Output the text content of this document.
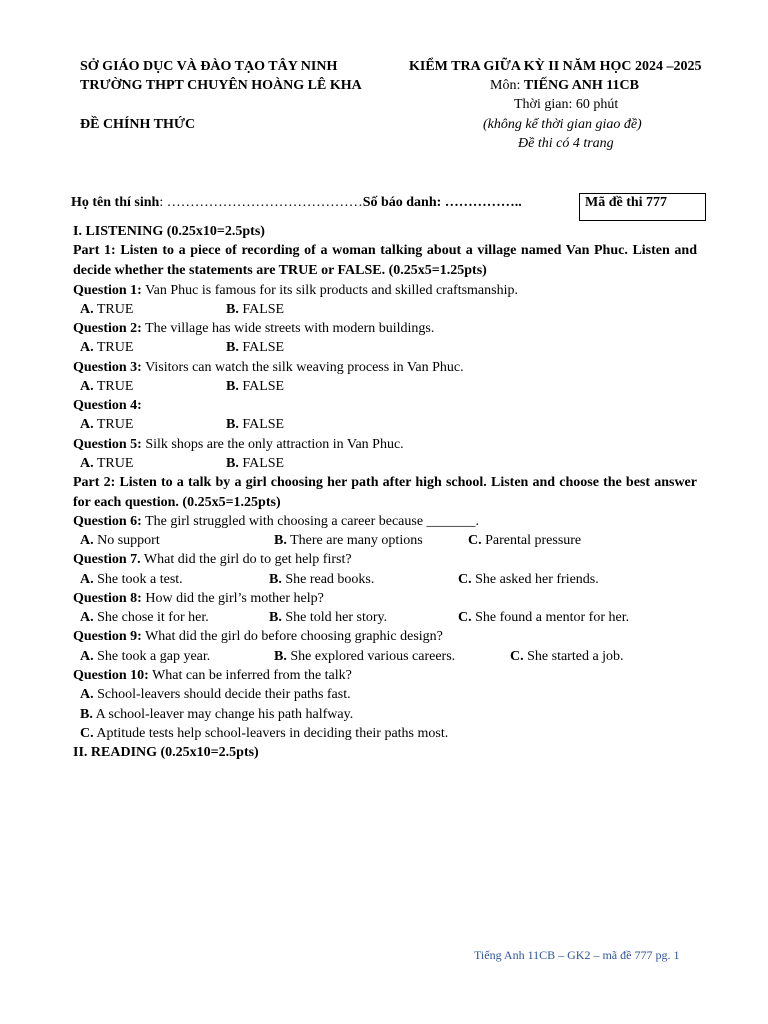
SỞ GIÁO DỤC VÀ ĐÀO TẠO TÂY NINH
TRƯỜNG THPT CHUYÊN HOÀNG LÊ KHA
ĐỀ CHÍNH THỨC
KIỂM TRA GIỮA KỲ II NĂM HỌC 2024 –2025
Môn: TIẾNG ANH 11CB
Thời gian: 60 phút
(không kể thời gian giao đề)
Đề thi có 4 trang
Họ tên thí sinh: ……………………………………Số báo danh: ……………..	Mã đề thi 777
I. LISTENING (0.25x10=2.5pts)
Part 1: Listen to a piece of recording of a woman talking about a village named Van Phuc. Listen and decide whether the statements are TRUE or FALSE. (0.25x5=1.25pts)
Question 1: Van Phuc is famous for its silk products and skilled craftsmanship.
A. TRUE	B. FALSE
Question 2: The village has wide streets with modern buildings.
A. TRUE	B. FALSE
Question 3: Visitors can watch the silk weaving process in Van Phuc.
A. TRUE	B. FALSE
Question 4:
A. TRUE	B. FALSE
Question 5: Silk shops are the only attraction in Van Phuc.
A. TRUE	B. FALSE
Part 2: Listen to a talk by a girl choosing her path after high school. Listen and choose the best answer for each question. (0.25x5=1.25pts)
Question 6: The girl struggled with choosing a career because _______.
A. No support	B. There are many options	C. Parental pressure
Question 7. What did the girl do to get help first?
A. She took a test.	B. She read books.	C. She asked her friends.
Question 8: How did the girl’s mother help?
A. She chose it for her.	B. She told her story.	C. She found a mentor for her.
Question 9: What did the girl do before choosing graphic design?
A. She took a gap year.	B. She explored various careers.	C. She started a job.
Question 10: What can be inferred from the talk?
A. School-leavers should decide their paths fast.
B. A school-leaver may change his path halfway.
C. Aptitude tests help school-leavers in deciding their paths most.
II. READING (0.25x10=2.5pts)
Tiếng Anh 11CB – GK2 – mã đề 777 pg. 1
